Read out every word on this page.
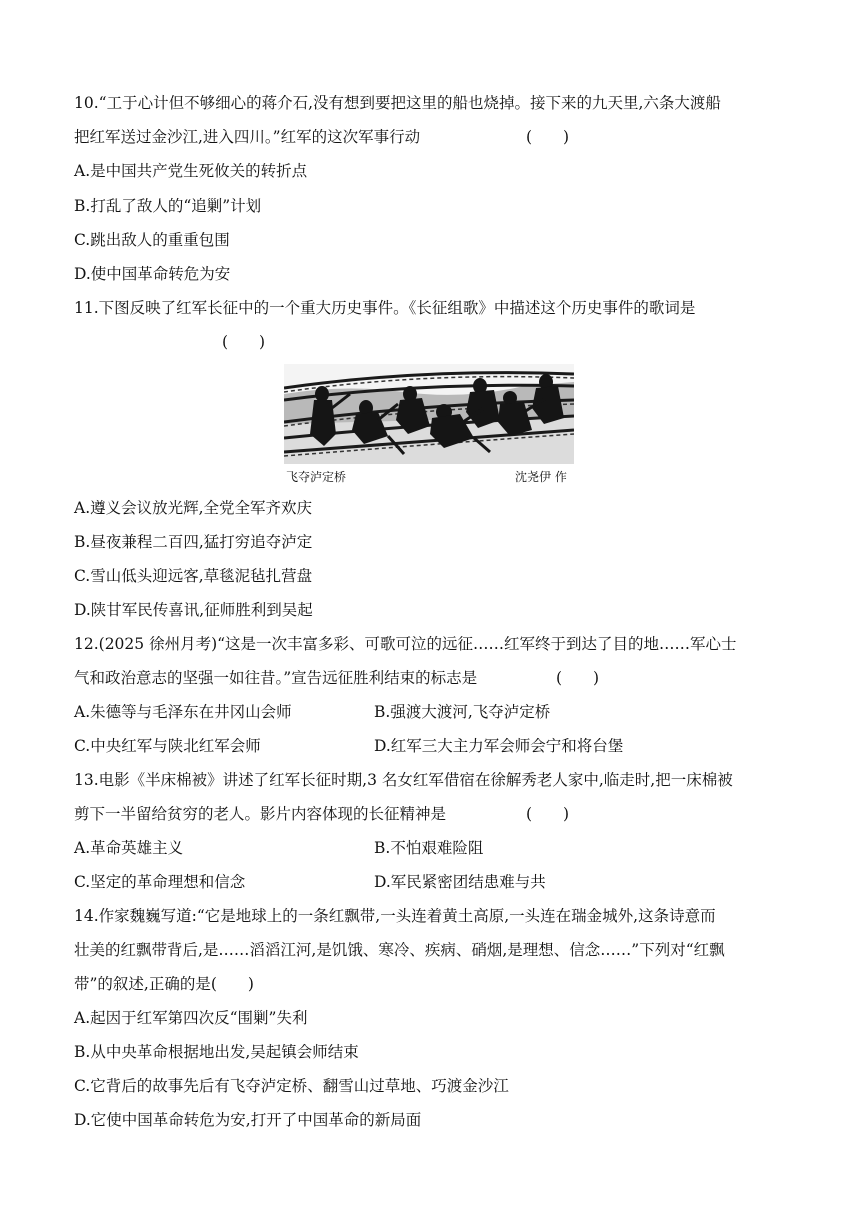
10.“工于心计但不够细心的蒋介石,没有想到要把这里的船也烧掉。接下来的九天里,六条大渡船
把红军送过金沙江,进入四川。”红军的这次军事行动	(　　)
A.是中国共产党生死攸关的转折点
B.打乱了敌人的“追剿”计划
C.跳出敌人的重重包围
D.使中国革命转危为安
11.下图反映了红军长征中的一个重大历史事件。《长征组歌》中描述这个历史事件的歌词是
(　　)
飞夺泸定桥	沈尧伊 作
A.遵义会议放光辉,全党全军齐欢庆
B.昼夜兼程二百四,猛打穷追夺泸定
C.雪山低头迎远客,草毯泥毡扎营盘
D.陕甘军民传喜讯,征师胜利到吴起
12.(2025 徐州月考)“这是一次丰富多彩、可歌可泣的远征……红军终于到达了目的地……军心士
气和政治意志的坚强一如往昔。”宣告远征胜利结束的标志是	(　　)
A.朱德等与毛泽东在井冈山会师	B.强渡大渡河,飞夺泸定桥
C.中央红军与陕北红军会师	D.红军三大主力军会师会宁和将台堡
13.电影《半床棉被》讲述了红军长征时期,3 名女红军借宿在徐解秀老人家中,临走时,把一床棉被
剪下一半留给贫穷的老人。影片内容体现的长征精神是	(　　)
A.革命英雄主义	B.不怕艰难险阻
C.坚定的革命理想和信念	D.军民紧密团结患难与共
14.作家魏巍写道:“它是地球上的一条红飘带,一头连着黄土高原,一头连在瑞金城外,这条诗意而
壮美的红飘带背后,是……滔滔江河,是饥饿、寒冷、疾病、硝烟,是理想、信念……”下列对“红飘
带”的叙述,正确的是(　　)
A.起因于红军第四次反“围剿”失利
B.从中央革命根据地出发,吴起镇会师结束
C.它背后的故事先后有飞夺泸定桥、翻雪山过草地、巧渡金沙江
D.它使中国革命转危为安,打开了中国革命的新局面
